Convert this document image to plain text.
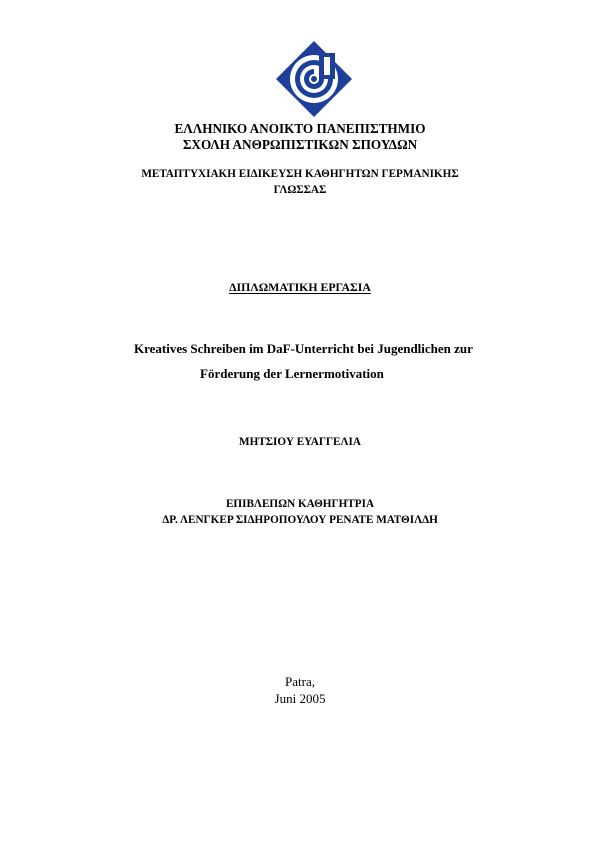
ΕΛΛΗΝΙΚΟ ΑΝΟΙΚΤΟ ΠΑΝΕΠΙΣΤΗΜΙΟ
ΣΧΟΛΗ ΑΝΘΡΩΠΙΣΤΙΚΩΝ ΣΠΟΥΔΩΝ
ΜΕΤΑΠΤΥΧΙΑΚΗ ΕΙΔΙΚΕΥΣΗ ΚΑΘΗΓΗΤΩΝ ΓΕΡΜΑΝΙΚΗΣ
ΓΛΩΣΣΑΣ
ΔΙΠΛΩΜΑΤΙΚΗ ΕΡΓΑΣΙΑ
Kreatives Schreiben im DaF-Unterricht bei Jugendlichen zur
Förderung der Lernermotivation
ΜΗΤΣΙΟΥ ΕΥΑΓΓΕΛΙΑ
ΕΠΙΒΛΕΠΩΝ ΚΑΘΗΓΗΤΡΙΑ
ΔΡ. ΛΕΝΓΚΕΡ ΣΙΔΗΡΟΠΟΥΛΟΥ ΡΕΝΑΤΕ ΜΑΤΘΙΛΔΗ
Patra,
Juni 2005
